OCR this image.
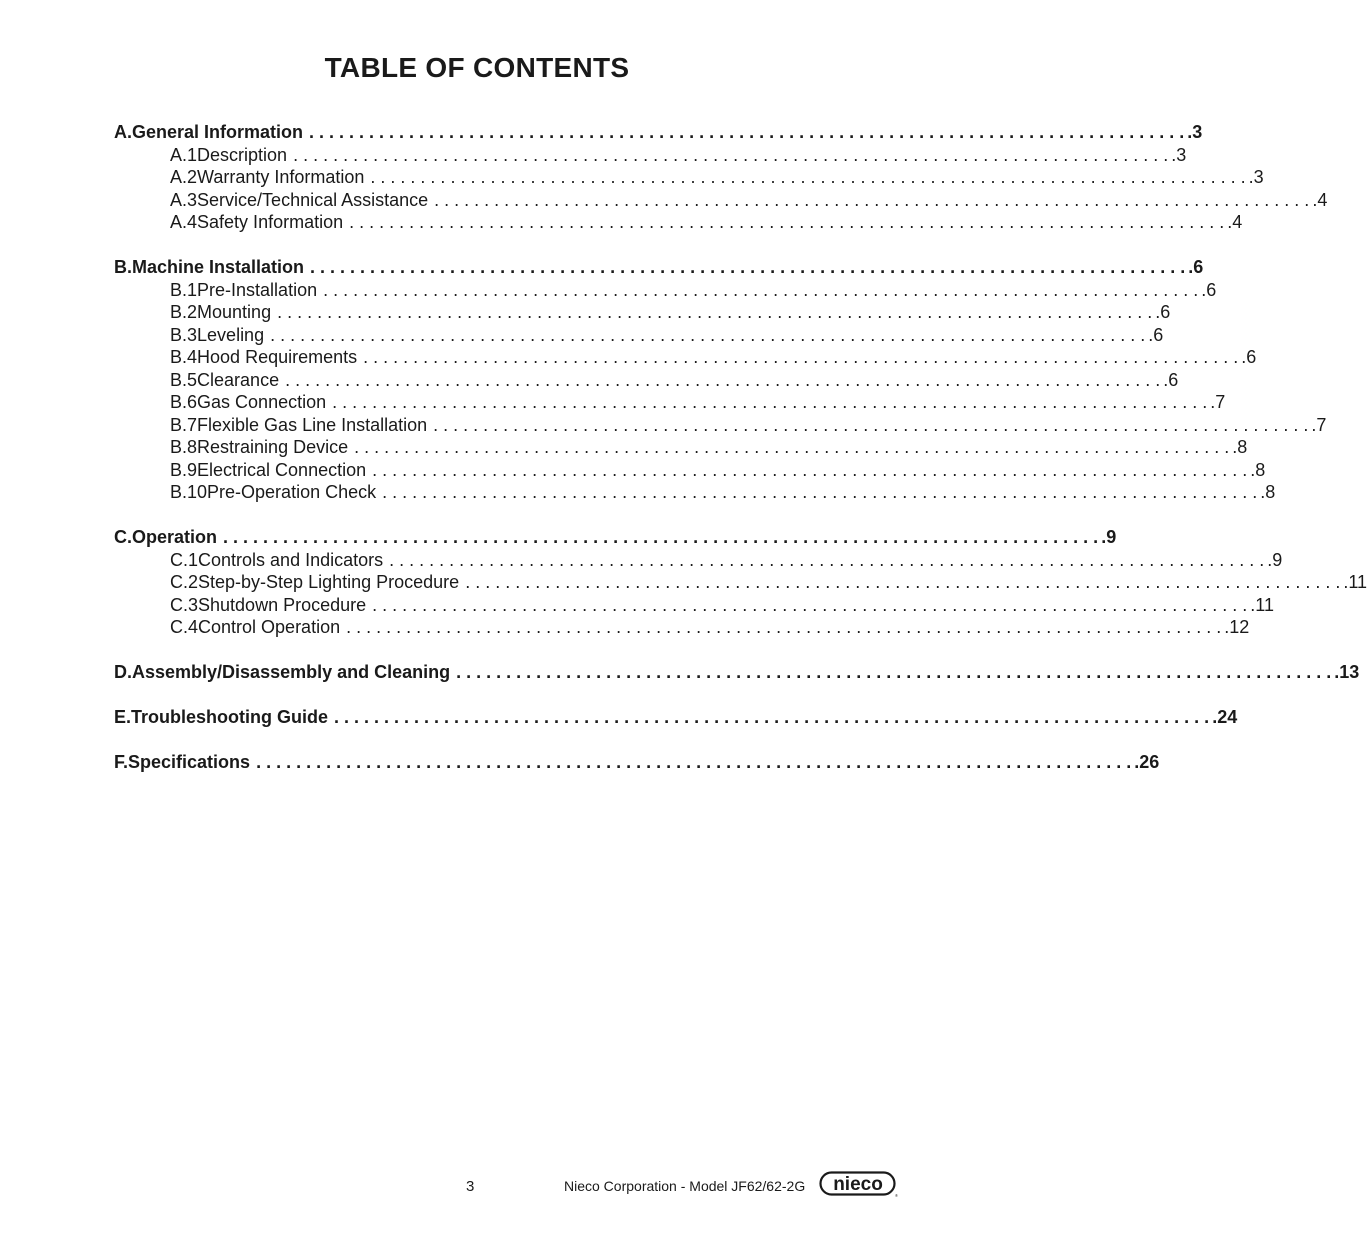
TABLE OF CONTENTS
A. General Information . . .	.3
A.1 Description . . .	.3
A.2 Warranty Information . . .	.3
A.3 Service/Technical Assistance . . .	.4
A.4 Safety Information . . .	.4
B. Machine Installation . . .	.6
B.1 Pre-Installation . . .	.6
B.2 Mounting . . .	.6
B.3 Leveling . . .	.6
B.4 Hood Requirements . . .	.6
B.5 Clearance . . .	.6
B.6 Gas Connection . . .	.7
B.7 Flexible Gas Line Installation . . .	.7
B.8 Restraining Device . . .	.8
B.9 Electrical Connection . . .	.8
B.10 Pre-Operation Check . . .	.8
C. Operation . . .	.9
C.1 Controls and Indicators . . .	.9
C.2 Step-by-Step Lighting Procedure . . .	.11
C.3 Shutdown Procedure . . .	.11
C.4 Control Operation . . .	.12
D. Assembly/Disassembly and Cleaning . . .	.13
E. Troubleshooting Guide . . .	.24
F. Specifications . . .	.26
3	Nieco Corporation - Model JF62/62-2G nieco
®
